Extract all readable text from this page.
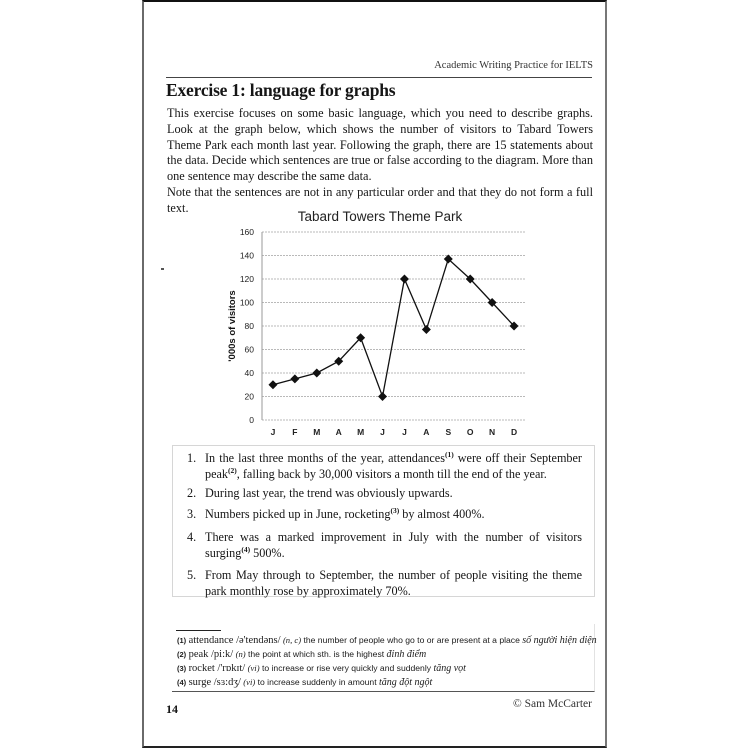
Academic Writing Practice for IELTS
Exercise 1: language for graphs

This exercise focuses on some basic language, which you need to describe graphs. Look at the graph below, which shows the number of visitors to Tabard Towers Theme Park each month last year. Following the graph, there are 15 statements about the data. Decide which sentences are true or false according to the diagram. More than one sentence may describe the same data.

Note that the sentences are not in any particular order and that they do not form a full text.

Tabard Towers Theme Park
0
20
40
60
80
100
120
140
160
J F M A M J J A S O N D
'000s of visitors
1. In the last three months of the year, attendances$^{(1)}$ were off their September peak$^{(2)}$, falling back by 30,000 visitors a month till the end of the year.
2. During last year, the trend was obviously upwards.
3. Numbers picked up in June, rocketing$^{(3)}$ by almost 400%.
4. There was a marked improvement in July with the number of visitors surging$^{(4)}$ 500%.
5. From May through to September, the number of people visiting the theme park monthly rose by approximately 70%.
(1) attendance /ə'tendəns/ (n, c) the number of people who go to or are present at a place số người hiện diện
(2) peak /pi:k/ (n) the point at which sth. is the highest đỉnh điểm
(3) rocket /'rɒkɪt/ (vi) to increase or rise very quickly and suddenly tăng vọt
(4) surge /sɜ:dʒ/ (vi) to increase suddenly in amount tăng đột ngột
14	© Sam McCarter
